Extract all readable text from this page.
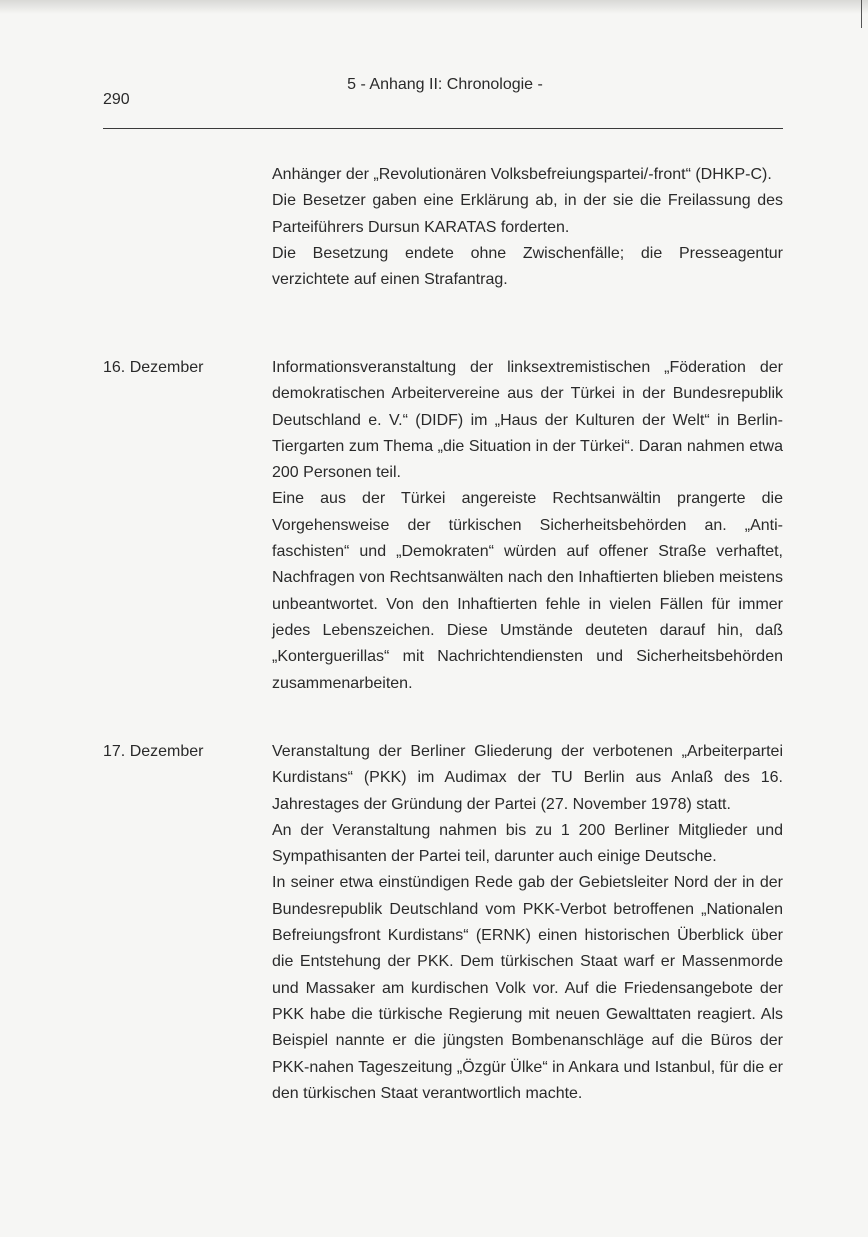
290
5 - Anhang II: Chronologie -

Anhänger der „Revolutionären Volksbefreiungspartei/-front“ (DHKP-C).

Die Besetzer gaben eine Erklärung ab, in der sie die Freilassung des Parteiführers Dursun KARATAS forderten.

Die Besetzung endete ohne Zwischenfälle; die Presseagentur verzichtete auf einen Strafantrag.

16. Dezember	Informationsveranstaltung der linksextremistischen „Föderation der demokratischen Arbeitervereine aus der Türkei in der Bundesrepublik Deutschland e. V.“ (DIDF) im „Haus der Kulturen der Welt“ in Berlin-Tiergarten zum Thema „die Situation in der Türkei“. Daran nahmen etwa 200 Personen teil.

Eine aus der Türkei angereiste Rechtsanwältin prangerte die Vorgehensweise der türkischen Sicherheitsbehörden an. „Antifaschisten“ und „Demokraten“ würden auf offener Straße verhaftet, Nachfragen von Rechtsanwälten nach den Inhaftierten blieben meistens unbeantwortet. Von den Inhaftierten fehle in vielen Fällen für immer jedes Lebenszeichen. Diese Umstände deuteten darauf hin, daß „Konterguerillas“ mit Nachrichtendiensten und Sicherheitsbehörden zusammenarbeiten.

17. Dezember	Veranstaltung der Berliner Gliederung der verbotenen „Arbeiterpartei Kurdistans“ (PKK) im Audimax der TU Berlin aus Anlaß des 16. Jahrestages der Gründung der Partei (27. November 1978) statt.

An der Veranstaltung nahmen bis zu 1 200 Berliner Mitglieder und Sympathisanten der Partei teil, darunter auch einige Deutsche.

In seiner etwa einstündigen Rede gab der Gebietsleiter Nord der in der Bundesrepublik Deutschland vom PKK-Verbot betroffenen „Nationalen Befreiungsfront Kurdistans“ (ERNK) einen historischen Überblick über die Entstehung der PKK. Dem türkischen Staat warf er Massenmorde und Massaker am kurdischen Volk vor. Auf die Friedensangebote der PKK habe die türkische Regierung mit neuen Gewalttaten reagiert. Als Beispiel nannte er die jüngsten Bombenanschläge auf die Büros der PKK-nahen Tageszeitung „Özgür Ülke“ in Ankara und Istanbul, für die er den türkischen Staat verantwortlich machte.
